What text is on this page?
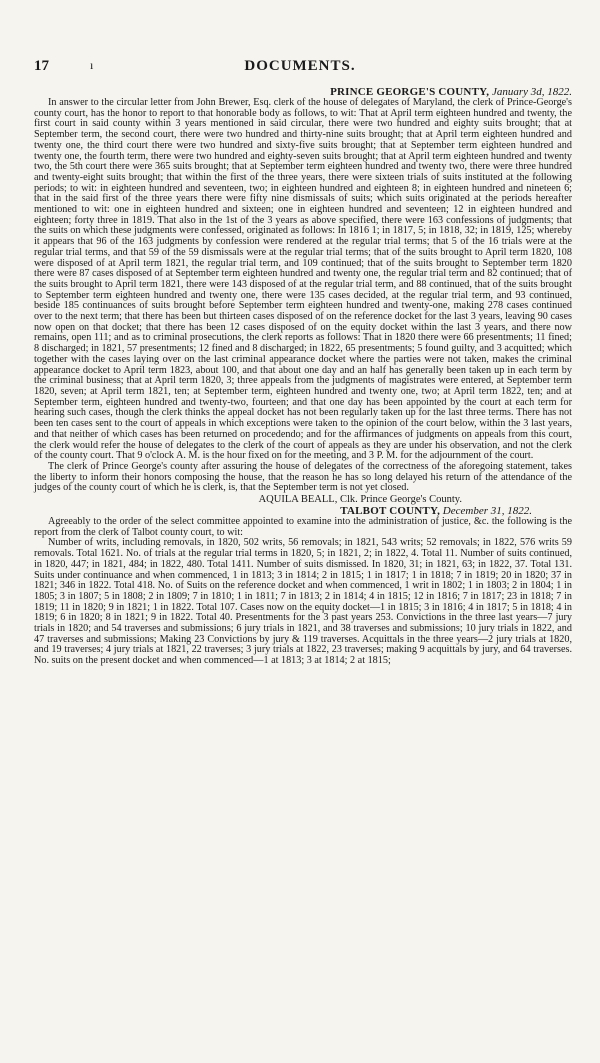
17	ı	DOCUMENTS.
PRINCE GEORGE'S COUNTY, January 3d, 1822.

In answer to the circular letter from John Brewer, Esq. clerk of the house of delegates of Maryland, the clerk of Prince-George's county court, has the honor to report to that honorable body as follows, to wit: That at April term eighteen hundred and twenty, the first court in said county within 3 years mentioned in said circular, there were two hundred and eighty suits brought; that at September term, the second court, there were two hundred and thirty-nine suits brought; that at April term eighteen hundred and twenty one, the third court there were two hundred and sixty-five suits brought; that at September term eighteen hundred and twenty one, the fourth term, there were two hundred and eighty-seven suits brought; that at April term eighteen hundred and twenty two, the 5th court there were 365 suits brought; that at September term eighteen hundred and twenty two, there were three hundred and twenty-eight suits brought; that within the first of the three years, there were sixteen trials of suits instituted at the following periods; to wit: in eighteen hundred and seventeen, two; in eighteen hundred and eighteen 8; in eighteen hundred and nineteen 6; that in the said first of the three years there were fifty nine dismissals of suits; which suits originated at the periods hereafter mentioned to wit: one in eighteen hundred and sixteen; one in eighteen hundred and seventeen; 12 in eighteen hundred and eighteen; forty three in 1819. That also in the 1st of the 3 years as above specified, there were 163 confessions of judgments; that the suits on which these judgments were confessed, originated as follows: In 1816 1; in 1817, 5; in 1818, 32; in 1819, 125; whereby it appears that 96 of the 163 judgments by confession were rendered at the regular trial terms; that 5 of the 16 trials were at the regular trial terms, and that 59 of the 59 dismissals were at the regular trial terms; that of the suits brought to April term 1820, 108 were disposed of at April term 1821, the regular trial term, and 109 continued; that of the suits brought to September term 1820 there were 87 cases disposed of at September term eighteen hundred and twenty one, the regular trial term and 82 continued; that of the suits brought to April term 1821, there were 143 disposed of at the regular trial term, and 88 continued, that of the suits brought to September term eighteen hundred and twenty one, there were 135 cases decided, at the regular trial term, and 93 continued, beside 185 continuances of suits brought before September term eighteen hundred and twenty-one, making 278 cases continued over to the next term; that there has been but thirteen cases disposed of on the reference docket for the last 3 years, leaving 90 cases now open on that docket; that there has been 12 cases disposed of on the equity docket within the last 3 years, and there now remains, open 111; and as to criminal prosecutions, the clerk reports as follows: That in 1820 there were 66 presentments; 11 fined; 8 discharged; in 1821, 57 presentments; 12 fined and 8 discharged; in 1822, 65 presentments; 5 found guilty, and 3 acquitted; which together with the cases laying over on the last criminal appearance docket where the parties were not taken, makes the criminal appearance docket to April term 1823, about 100, and that about one day and an half has generally been taken up in each term by the criminal business; that at April term 1820, 3; three appeals from the judgments of magistrates were entered, at September term 1820, seven; at April term 1821, ten; at September term, eighteen hundred and twenty one, two; at April term 1822, ten; and at September term, eighteen hundred and twenty-two, fourteen; and that one day has been appointed by the court at each term for hearing such cases, though the clerk thinks the appeal docket has not been regularly taken up for the last three terms. There has not been ten cases sent to the court of appeals in which exceptions were taken to the opinion of the court below, within the 3 last years, and that neither of which cases has been returned on procedendo; and for the affirmances of judgments on appeals from this court, the clerk would refer the house of delegates to the clerk of the court of appeals as they are under his observation, and not the clerk of the county court. That 9 o'clock A. M. is the hour fixed on for the meeting, and 3 P. M. for the adjournment of the court.

The clerk of Prince George's county after assuring the house of delegates of the correctness of the aforegoing statement, takes the liberty to inform their honors composing the house, that the reason he has so long delayed his return of the attendance of the judges of the county court of which he is clerk, is, that the September term is not yet closed.

AQUILA BEALL, Clk. Prince George's County.
TALBOT COUNTY, December 31, 1822.

Agreeably to the order of the select committee appointed to examine into the administration of justice, &c. the following is the report from the clerk of Talbot county court, to wit:

Number of writs, including removals, in 1820, 502 writs, 56 removals; in 1821, 543 writs; 52 removals; in 1822, 576 writs 59 removals. Total 1621. No. of trials at the regular trial terms in 1820, 5; in 1821, 2; in 1822, 4. Total 11. Number of suits continued, in 1820, 447; in 1821, 484; in 1822, 480. Total 1411. Number of suits dismissed. In 1820, 31; in 1821, 63; in 1822, 37. Total 131. Suits under continuance and when commenced, 1 in 1813; 3 in 1814; 2 in 1815; 1 in 1817; 1 in 1818; 7 in 1819; 20 in 1820; 37 in 1821; 346 in 1822. Total 418. No. of Suits on the reference docket and when commenced, 1 writ in 1802; 1 in 1803; 2 in 1804; 1 in 1805; 3 in 1807; 5 in 1808; 2 in 1809; 7 in 1810; 1 in 1811; 7 in 1813; 2 in 1814; 4 in 1815; 12 in 1816; 7 in 1817; 23 in 1818; 7 in 1819; 11 in 1820; 9 in 1821; 1 in 1822. Total 107. Cases now on the equity docket—1 in 1815; 3 in 1816; 4 in 1817; 5 in 1818; 4 in 1819; 6 in 1820; 8 in 1821; 9 in 1822. Total 40. Presentments for the 3 past years 253. Convictions in the three last years—7 jury trials in 1820; and 54 traverses and submissions; 6 jury trials in 1821, and 38 traverses and submissions; 10 jury trials in 1822, and 47 traverses and submissions; Making 23 Convictions by jury & 119 traverses. Acquittals in the three years—2 jury trials at 1820, and 19 traverses; 4 jury trials at 1821, 22 traverses; 3 jury trials at 1822, 23 traverses; making 9 acquittals by jury, and 64 traverses. No. suits on the present docket and when commenced—1 at 1813; 3 at 1814; 2 at 1815;
